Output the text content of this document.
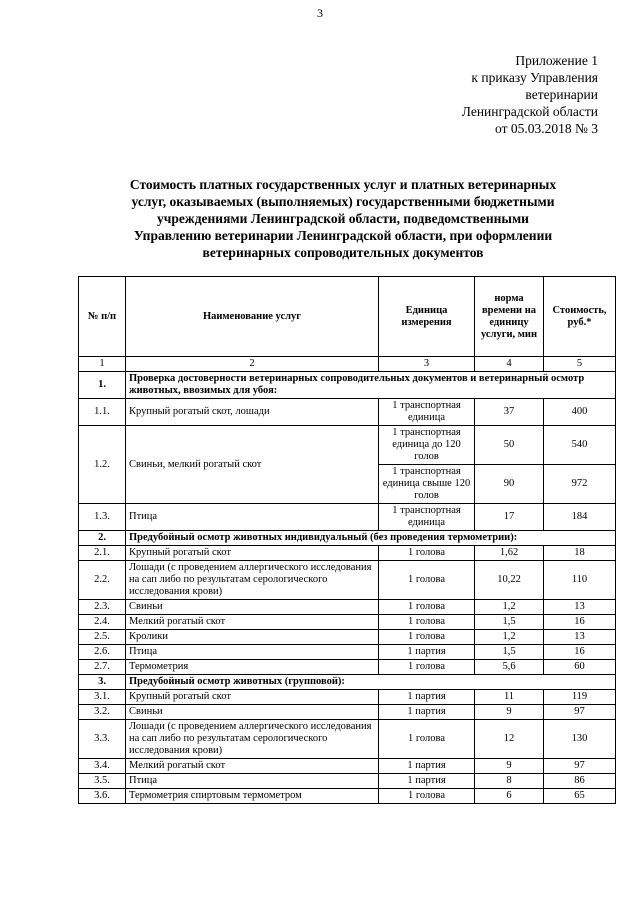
3
Приложение 1
к приказу Управления
ветеринарии
Ленинградской области
от 05.03.2018 № 3
Стоимость платных государственных услуг и платных ветеринарных
услуг, оказываемых (выполняемых) государственными бюджетными
учреждениями Ленинградской области, подведомственными
Управлению ветеринарии Ленинградской области, при оформлении
ветеринарных сопроводительных документов
№ п/п	Наименование услуг	Единица измерения	норма времени на единицу услуги, мин	Стоимость, руб.*
1	2	3	4	5
1.	Проверка достоверности ветеринарных сопроводительных документов и ветеринарный осмотр животных, ввозимых для убоя:			
1.1.	Крупный рогатый скот, лошади	1 транспортная единица	37	400
1.2.	Свиньи, мелкий рогатый скот	1 транспортная единица до 120 голов	50	540
		1 транспортная единица свыше 120 голов	90	972
1.3.	Птица	1 транспортная единица	17	184
2.	Предубойный осмотр животных индивидуальный (без проведения термометрии):			
2.1.	Крупный рогатый скот	1 голова	1,62	18
2.2.	Лошади (с проведением аллергического исследования на сап либо по результатам серологического исследования крови)	1 голова	10,22	110
2.3.	Свиньи	1 голова	1,2	13
2.4.	Мелкий рогатый скот	1 голова	1,5	16
2.5.	Кролики	1 голова	1,2	13
2.6.	Птица	1 партия	1,5	16
2.7.	Термометрия	1 голова	5,6	60
3.	Предубойный осмотр животных (групповой):			
3.1.	Крупный рогатый скот	1 партия	11	119
3.2.	Свиньи	1 партия	9	97
3.3.	Лошади (с проведением аллергического исследования на сап либо по результатам серологического исследования крови)	1 голова	12	130
3.4.	Мелкий рогатый скот	1 партия	9	97
3.5.	Птица	1 партия	8	86
3.6.	Термометрия спиртовым термометром	1 голова	6	65
